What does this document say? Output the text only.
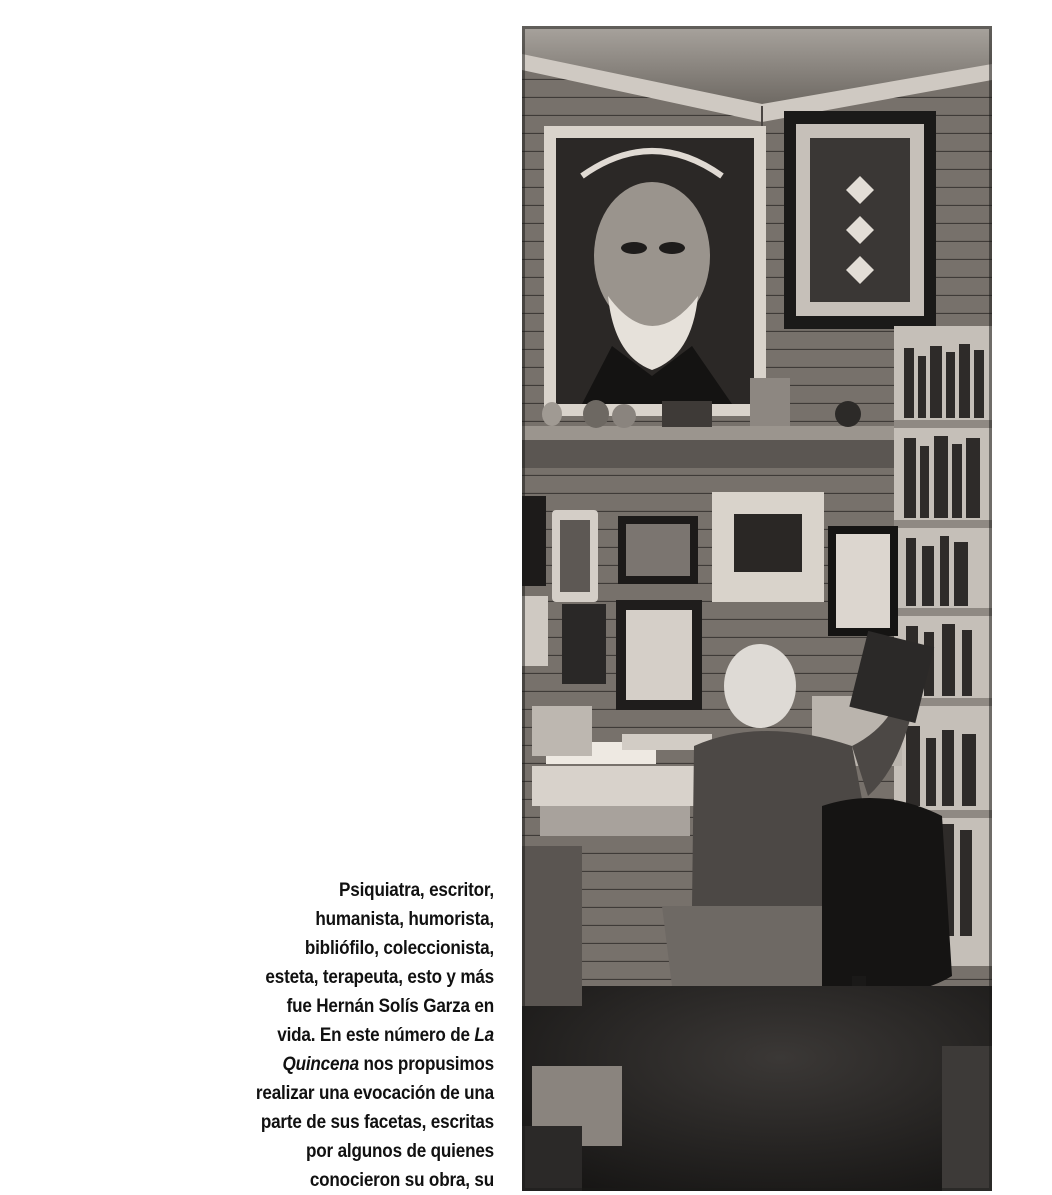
Psiquiatra, escritor,
humanista, humorista,
bibliófilo, coleccionista,
esteta, terapeuta, esto y más
fue Hernán Solís Garza en
vida. En este número de La
Quincena nos propusimos
realizar una evocación de una
parte de sus facetas, escritas
por algunos de quienes
conocieron su obra, su
